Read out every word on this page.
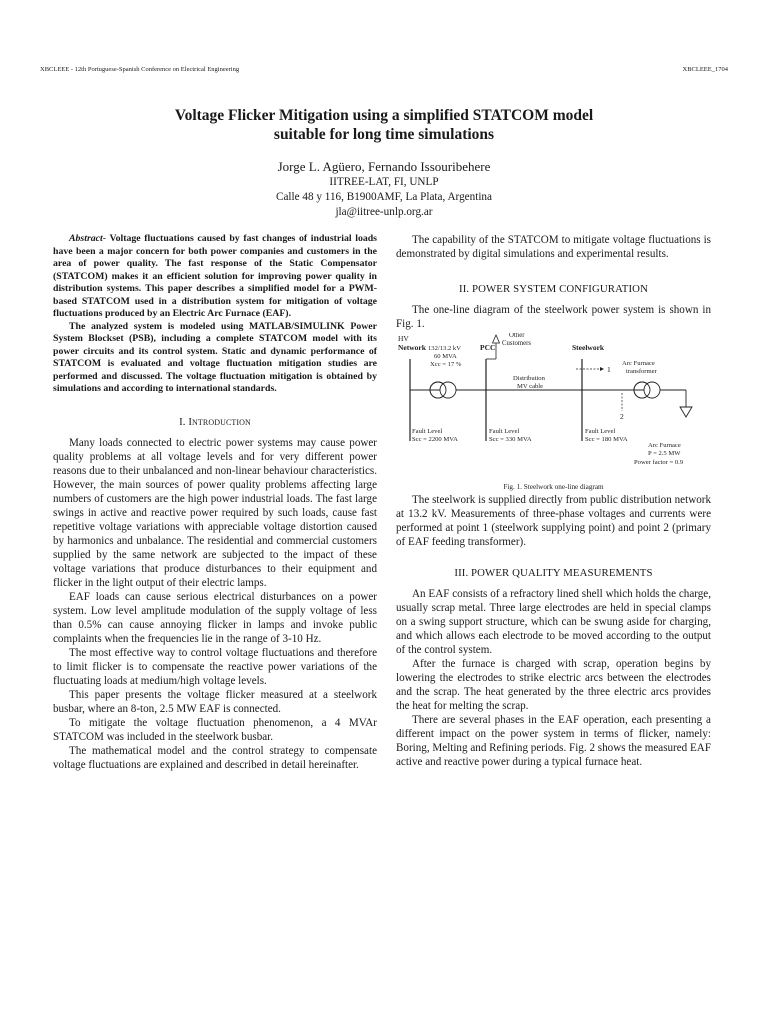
XBCLEEE - 12th Portuguese-Spanish Conference on Electrical Engineering	XBCLEEE_1704
Voltage Flicker Mitigation using a simplified STATCOM model
suitable for long time simulations
Jorge L. Agüero, Fernando Issouribehere
IITREE-LAT, FI, UNLP
Calle 48 y 116, B1900AMF, La Plata, Argentina
jla@iitree-unlp.org.ar

Abstract- Voltage fluctuations caused by fast changes of industrial loads have been a major concern for both power companies and customers in the area of power quality. The fast response of the Static Compensator (STATCOM) makes it an efficient solution for improving power quality in distribution systems. This paper describes a simplified model for a PWM-based STATCOM used in a distribution system for mitigation of voltage fluctuations produced by an Electric Arc Furnace (EAF).

The analyzed system is modeled using MATLAB/SIMULINK Power System Blockset (PSB), including a complete STATCOM model with its power circuits and its control system. Static and dynamic performance of STATCOM is evaluated and voltage fluctuation mitigation studies are performed and discussed. The voltage fluctuation mitigation is obtained by simulations and according to international standards.

I. Introduction

Many loads connected to electric power systems may cause power quality problems at all voltage levels and for very different power reasons due to their unbalanced and non-linear behaviour characteristics. However, the main sources of power quality problems affecting large numbers of customers are the high power industrial loads. The fast large swings in active and reactive power required by such loads, cause fast repetitive voltage variations with appreciable voltage distortion caused by harmonics and unbalance. The residential and commercial customers supplied by the same network are subjected to the impact of these voltage variations that produce disturbances to their equipment and flicker in the light output of their electric lamps.

EAF loads can cause serious electrical disturbances on a power system. Low level amplitude modulation of the supply voltage of less than 0.5% can cause annoying flicker in lamps and invoke public complaints when the frequencies lie in the range of 3-10 Hz.

The most effective way to control voltage fluctuations and therefore to limit flicker is to compensate the reactive power variations of the fluctuating loads at medium/high voltage levels.

This paper presents the voltage flicker measured at a steelwork busbar, where an 8-ton, 2.5 MW EAF is connected.

To mitigate the voltage fluctuation phenomenon, a 4 MVAr STATCOM was included in the steelwork busbar.

The mathematical model and the control strategy to compensate voltage fluctuations are explained and described in detail hereinafter.

The capability of the STATCOM to mitigate voltage fluctuations is demonstrated by digital simulations and experimental results.

II. POWER SYSTEM CONFIGURATION

The one-line diagram of the steelwork power system is shown in Fig. 1.

HV
Network 132/13.2 kV
60 MVA
Xcc = 17 %
PCC
Other
Customers
Distribution
MV cable
Steelwork
1
2
Arc Furnace
transformer
Arc Furnace
P = 2.5 MW
Power factor = 0.9
Fault Level
Scc = 2200 MVA
Fault Level
Scc = 330 MVA
Fault Level
Scc = 180 MVA

Fig. 1. Steelwork one-line diagram

The steelwork is supplied directly from public distribution network at 13.2 kV. Measurements of three-phase voltages and currents were performed at point 1 (steelwork supplying point) and point 2 (primary of EAF feeding transformer).

III. POWER QUALITY MEASUREMENTS

An EAF consists of a refractory lined shell which holds the charge, usually scrap metal. Three large electrodes are held in special clamps on a swing support structure, which can be swung aside for charging, and which allows each electrode to be moved according to the output of the control system.

After the furnace is charged with scrap, operation begins by lowering the electrodes to strike electric arcs between the electrodes and the scrap. The heat generated by the three electric arcs provides the heat for melting the scrap.

There are several phases in the EAF operation, each presenting a different impact on the power system in terms of flicker, namely: Boring, Melting and Refining periods. Fig. 2 shows the measured EAF active and reactive power during a typical furnace heat.
